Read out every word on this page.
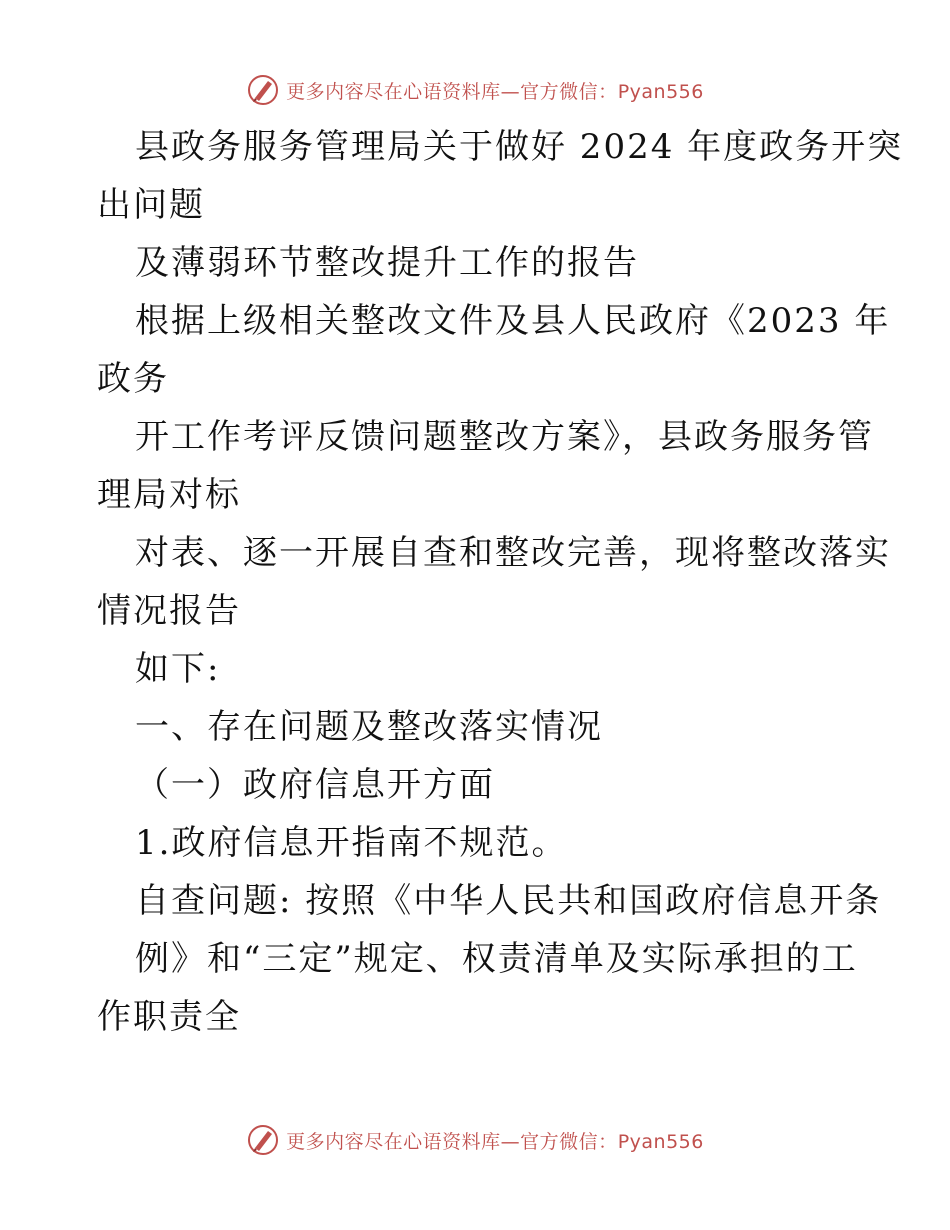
更多内容尽在心语资料库—官方微信：Pyan556

县政务服务管理局关于做好 2024 年度政务开突

出问题

及薄弱环节整改提升工作的报告

根据上级相关整改文件及县人民政府《2023 年

政务

开工作考评反馈问题整改方案》，县政务服务管

理局对标

对表、逐一开展自查和整改完善，现将整改落实

情况报告

如下:

一、存在问题及整改落实情况

（一）政府信息开方面

1.政府信息开指南不规范。

自查问题: 按照《中华人民共和国政府信息开条

例》和“三定”规定、权责清单及实际承担的工

作职责全

更多内容尽在心语资料库—官方微信：Pyan556
